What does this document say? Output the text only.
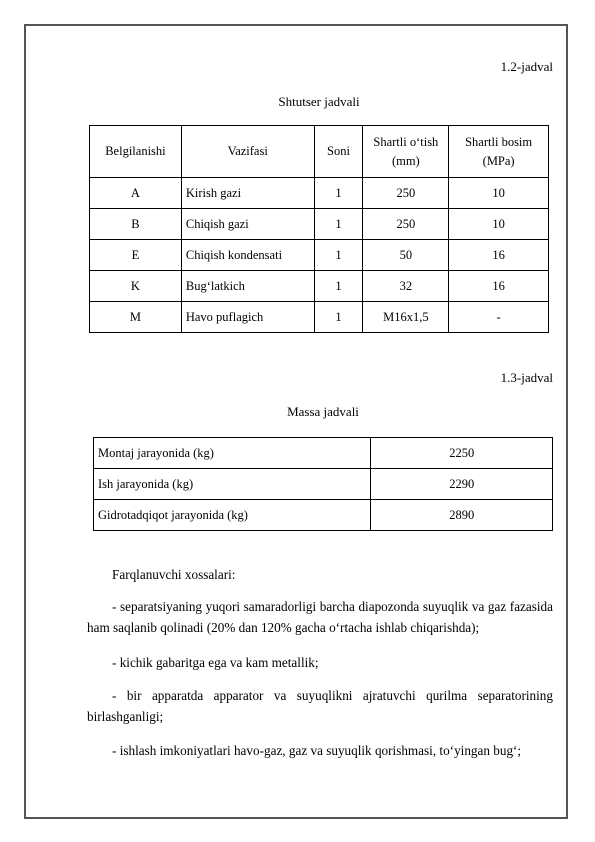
1.2-jadval
Shtutser jadvali
Belgilanishi	Vazifasi	Soni	Shartli o‘tish (mm)	Shartli bosim (MPa)
A	Kirish gazi	1	250	10
B	Chiqish gazi	1	250	10
E	Chiqish kondensati	1	50	16
K	Bug‘latkich	1	32	16
M	Havo puflagich	1	M16x1,5	-
1.3-jadval
Massa jadvali
Montaj jarayonida (kg)	2250
Ish jarayonida (kg)	2290
Gidrotadqiqot jarayonida (kg)	2890
Farqlanuvchi xossalari:
- separatsiyaning yuqori samaradorligi barcha diapozonda suyuqlik va gaz fazasida ham saqlanib qolinadi (20% dan 120% gacha o‘rtacha ishlab chiqarishda);
- kichik gabaritga ega va kam metallik;
- bir apparatda apparator va suyuqlikni ajratuvchi qurilma separatorining birlashganligi;
- ishlash imkoniyatlari havo-gaz, gaz va suyuqlik qorishmasi, to‘yingan bug‘;
